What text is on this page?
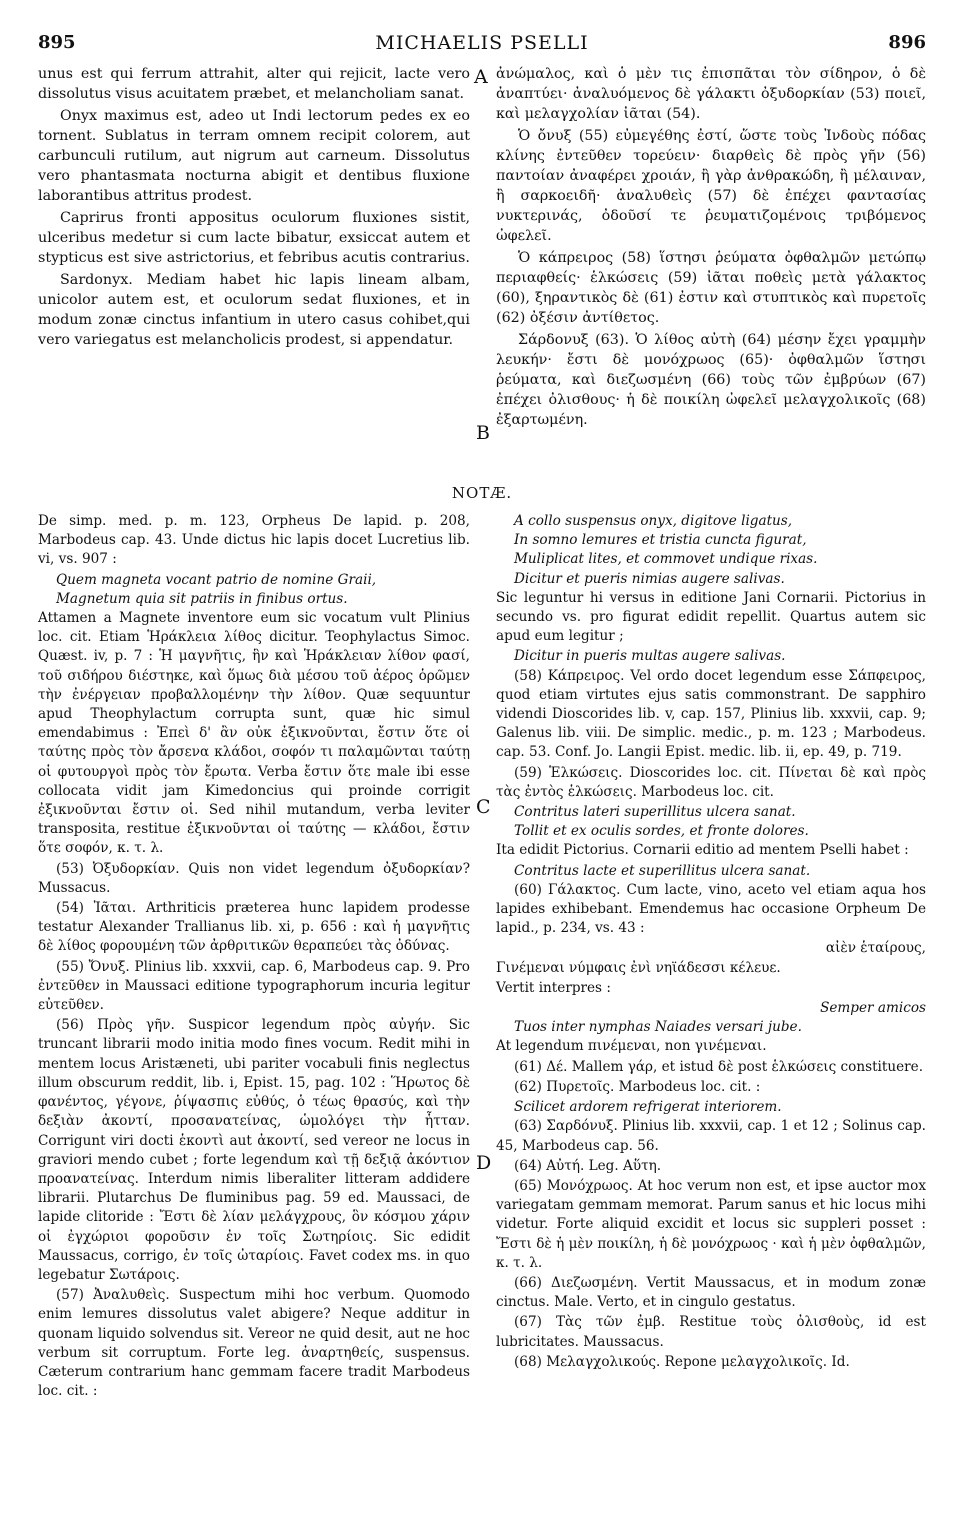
895	MICHAELIS PSELLI	896

unus est qui ferrum attrahit, alter qui rejicit, lacte vero dissolutus visus acuitatem præbet, et melancholiam sanat.

Onyx maximus est, adeo ut Indi lectorum pedes ex eo tornent. Sublatus in terram omnem recipit colorem, aut carbunculi rutilum, aut nigrum aut carneum. Dissolutus vero phantasmata nocturna abigit et dentibus fluxione laborantibus attritus prodest.

Caprirus fronti appositus oculorum fluxiones sistit, ulceribus medetur si cum lacte bibatur, exsiccat autem et stypticus est sive astrictorius, et febribus acutis contrarius.

Sardonyx. Mediam habet hic lapis lineam albam, unicolor autem est, et oculorum sedat fluxiones, et in modum zonæ cinctus infantium in utero casus cohibet,qui vero variegatus est melancholicis prodest, si appendatur.

A ἀνώμαλος, καὶ ὁ μὲν τις ἐπισπᾶται τὸν σίδηρον, ὁ δὲ ἀναπτύει· ἀναλυόμενος δὲ γάλακτι ὀξυδορκίαν (53) ποιεῖ, καὶ μελαγχολίαν ἰᾶται (54).

Ὁ ὄνυξ (55) εὐμεγέθης ἐστί, ὥστε τοὺς Ἰνδοὺς πόδας κλίνης ἐντεῦθεν τορεύειν· διαρθεὶς δὲ πρὸς γῆν (56) παντοίαν ἀναφέρει χροιάν, ἢ γὰρ ἀνθρακώδη, ἢ μέλαιναν, ἢ σαρκοειδῆ· ἀναλυθεὶς (57) δὲ ἐπέχει φαντασίας νυκτερινάς, ὀδοῦσί τε ῥευματιζομένοις τριβόμενος ὠφελεῖ.

Ὁ κάπρειρος (58) ἵστησι ῥεύματα ὀφθαλμῶν μετώπῳ περιαφθείς· ἑλκώσεις (59) ἰᾶται ποθεὶς μετὰ γάλακτος (60), ξηραντικὸς δὲ (61) ἐστιν καὶ στυπτικὸς καὶ πυρετοῖς (62) ὀξέσιν ἀντίθετος.

Σάρδονυξ (63). Ὁ λίθος αὐτὴ (64) μέσην ἔχει γραμμὴν λευκήν· ἔστι δὲ μονόχρωος (65)· ὀφθαλμῶν ἵστησι ῥεύματα, καὶ διεζωσμένη (66) τοὺς τῶν ἐμβρύων (67) ἐπέχει ὀλισθους· ἡ δὲ ποικίλη ὠφελεῖ μελαγχολικοῖς (68) ἐξαρτωμένη.

B
NOTÆ.

De simp. med. p. m. 123, Orpheus De lapid. p. 208, Marbodeus cap. 43. Unde dictus hic lapis docet Lucretius lib. vi, vs. 907 :

Quem magneta vocant patrio de nomine Graii,

Magnetum quia sit patriis in finibus ortus.

Attamen a Magnete inventore eum sic vocatum vult Plinius loc. cit. Etiam Ἡράκλεια λίθος dicitur. Teophylactus Simoc. Quæst. iv, p. 7 : Ἡ μαγνῆτις, ἣν καὶ Ἡράκλειαν λίθον φασί, τοῦ σιδήρου διέστηκε, καὶ ὅμως διὰ μέσου τοῦ ἀέρος ὁρῶμεν τὴν ἐνέργειαν προβαλλομένην τὴν λίθον. Quæ sequuntur apud Theophylactum corrupta sunt, quæ hic simul emendabimus : Ἐπεὶ δ' ἂν οὐκ ἐξικνοῦνται, ἔστιν ὅτε οἱ ταύτης πρὸς τὸν ἄρσενα κλάδοι, σοφόν τι παλαμῶνται ταύτῃ οἱ φυτουργοὶ πρὸς τὸν ἔρωτα. Verba ἔστιν ὅτε male ibi esse collocata vidit jam Kimedoncius qui proinde corrigit ἐξικνοῦνται ἔστιν οἱ. Sed nihil mutandum, verba leviter transposita, restitue ἐξικνοῦνται οἱ ταύτης — κλάδοι, ἔστιν ὅτε σοφόν, κ. τ. λ.

(53) Ὀξυδορκίαν. Quis non videt legendum ὀξυδορκίαν? Mussacus.

(54) Ἰᾶται. Arthriticis præterea hunc lapidem prodesse testatur Alexander Trallianus lib. xi, p. 656 : καὶ ἡ μαγνῆτις δὲ λίθος φορουμένη τῶν ἀρθριτικῶν θεραπεύει τὰς ὀδύνας.

(55) Ὄνυξ. Plinius lib. xxxvii, cap. 6, Marbodeus cap. 9. Pro ἐντεῦθεν in Maussaci editione typographorum incuria legitur εὐτεῦθεν.

(56) Πρὸς γῆν. Suspicor legendum πρὸς αὐγήν. Sic truncant librarii modo initia modo fines vocum. Redit mihi in mentem locus Aristæneti, ubi pariter vocabuli finis neglectus illum obscurum reddit, lib. i, Epist. 15, pag. 102 : Ἥρωτος δὲ φανέντος, γέγονε, ῥίψασπις εὐθύς, ὁ τέως θρασύς, καὶ τὴν δεξιὰν ἀκοντί, προσανατείνας, ὡμολόγει τὴν ἧτταν. Corrigunt viri docti ἑκοντὶ aut ἀκοντί, sed vereor ne locus in graviori mendo cubet ; forte legendum καὶ τῇ δεξιᾷ ἀκόντιον προανατείνας. Interdum nimis liberaliter litteram addidere librarii. Plutarchus De fluminibus pag. 59 ed. Maussaci, de lapide clitoride : Ἔστι δὲ λίαν μελάγχρους, ὃν κόσμου χάριν οἱ ἐγχώριοι φοροῦσιν ἐν τοῖς Σωτηρίοις. Sic edidit Maussacus, corrigo, ἐν τοῖς ὠταρίοις. Favet codex ms. in quo legebatur Σωτάροις.

(57) Ἀναλυθεὶς. Suspectum mihi hoc verbum. Quomodo enim lemures dissolutus valet abigere? Neque additur in quonam liquido solvendus sit. Vereor ne quid desit, aut ne hoc verbum sit corruptum. Forte leg. ἀναρτηθείς, suspensus. Cæterum contrarium hanc gemmam facere tradit Marbodeus loc. cit. :

C
D

A collo suspensus onyx, digitove ligatus,

In somno lemures et tristia cuncta figurat,

Muliplicat lites, et commovet undique rixas.

Dicitur et pueris nimias augere salivas.

Sic leguntur hi versus in editione Jani Cornarii. Pictorius in secundo vs. pro figurat edidit repellit. Quartus autem sic apud eum legitur ;

Dicitur in pueris multas augere salivas.

(58) Κάπρειρος. Vel ordo docet legendum esse Σάπφειρος, quod etiam virtutes ejus satis commonstrant. De sapphiro videndi Dioscorides lib. v, cap. 157, Plinius lib. xxxvii, cap. 9; Galenus lib. viii. De simplic. medic., p. m. 123 ; Marbodeus. cap. 53. Conf. Jo. Langii Epist. medic. lib. ii, ep. 49, p. 719.

(59) Ἑλκώσεις. Dioscorides loc. cit. Πίνεται δὲ καὶ πρὸς τὰς ἐντὸς ἑλκώσεις. Marbodeus loc. cit.

Contritus lateri superillitus ulcera sanat.

Tollit et ex oculis sordes, et fronte dolores.

Ita edidit Pictorius. Cornarii editio ad mentem Pselli habet :

Contritus lacte et superillitus ulcera sanat.

(60) Γάλακτος. Cum lacte, vino, aceto vel etiam aqua hos lapides exhibebant. Emendemus hac occasione Orpheum De lapid., p. 234, vs. 43 :

αἰὲν ἑταίρους,

Γινέμεναι νύμφαις ἐνὶ νηϊάδεσσι κέλευε.

Vertit interpres :

Semper amicos

Tuos inter nymphas Naiades versari jube.

At legendum πινέμεναι, non γινέμεναι.

(61) Δέ. Mallem γάρ, et istud δὲ post ἑλκώσεις constituere.

(62) Πυρετοῖς. Marbodeus loc. cit. :

Scilicet ardorem refrigerat interiorem.

(63) Σαρδόνυξ. Plinius lib. xxxvii, cap. 1 et 12 ; Solinus cap. 45, Marbodeus cap. 56.

(64) Αὐτή. Leg. Αὕτη.

(65) Μονόχρωος. At hoc verum non est, et ipse auctor mox variegatam gemmam memorat. Parum sanus et hic locus mihi videtur. Forte aliquid excidit et locus sic suppleri posset : Ἔστι δὲ ἡ μὲν ποικίλη, ἡ δὲ μονόχρωος · καὶ ἡ μὲν ὀφθαλμῶν, κ. τ. λ.

(66) Διεζωσμένη. Vertit Maussacus, et in modum zonæ cinctus. Male. Verto, et in cingulo gestatus.

(67) Τὰς τῶν ἐμβ. Restitue τοὺς ὀλισθοὺς, id est lubricitates. Maussacus.

(68) Μελαγχολικούς. Repone μελαγχολικοῖς. Id.
